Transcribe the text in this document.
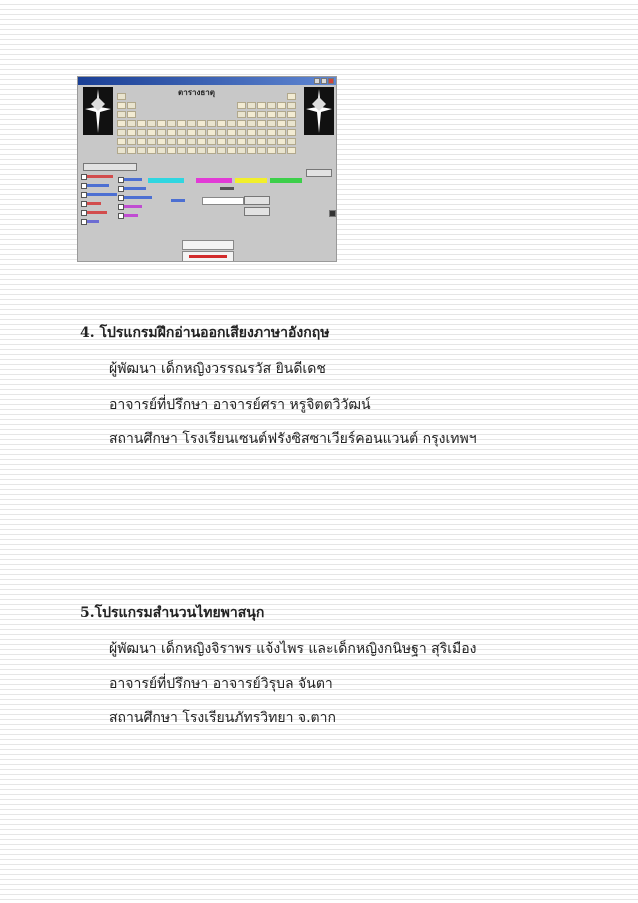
ตารางธาตุ
4. โปรแกรมฝึกอ่านออกเสียงภาษาอังกฤษ
ผู้พัฒนา เด็กหญิงวรรณรวัส ยินดีเดช
อาจารย์ที่ปรึกษา อาจารย์ศรา หรูจิตตวิวัฒน์
สถานศึกษา โรงเรียนเซนต์ฟรังซิสซาเวียร์คอนแวนต์ กรุงเทพฯ
5.โปรแกรมสำนวนไทยพาสนุก
ผู้พัฒนา เด็กหญิงจิราพร แจ้งไพร และเด็กหญิงกนิษฐา สุริเมือง
อาจารย์ที่ปรึกษา อาจารย์วิรุบล จันตา
สถานศึกษา โรงเรียนภัทรวิทยา จ.ตาก
